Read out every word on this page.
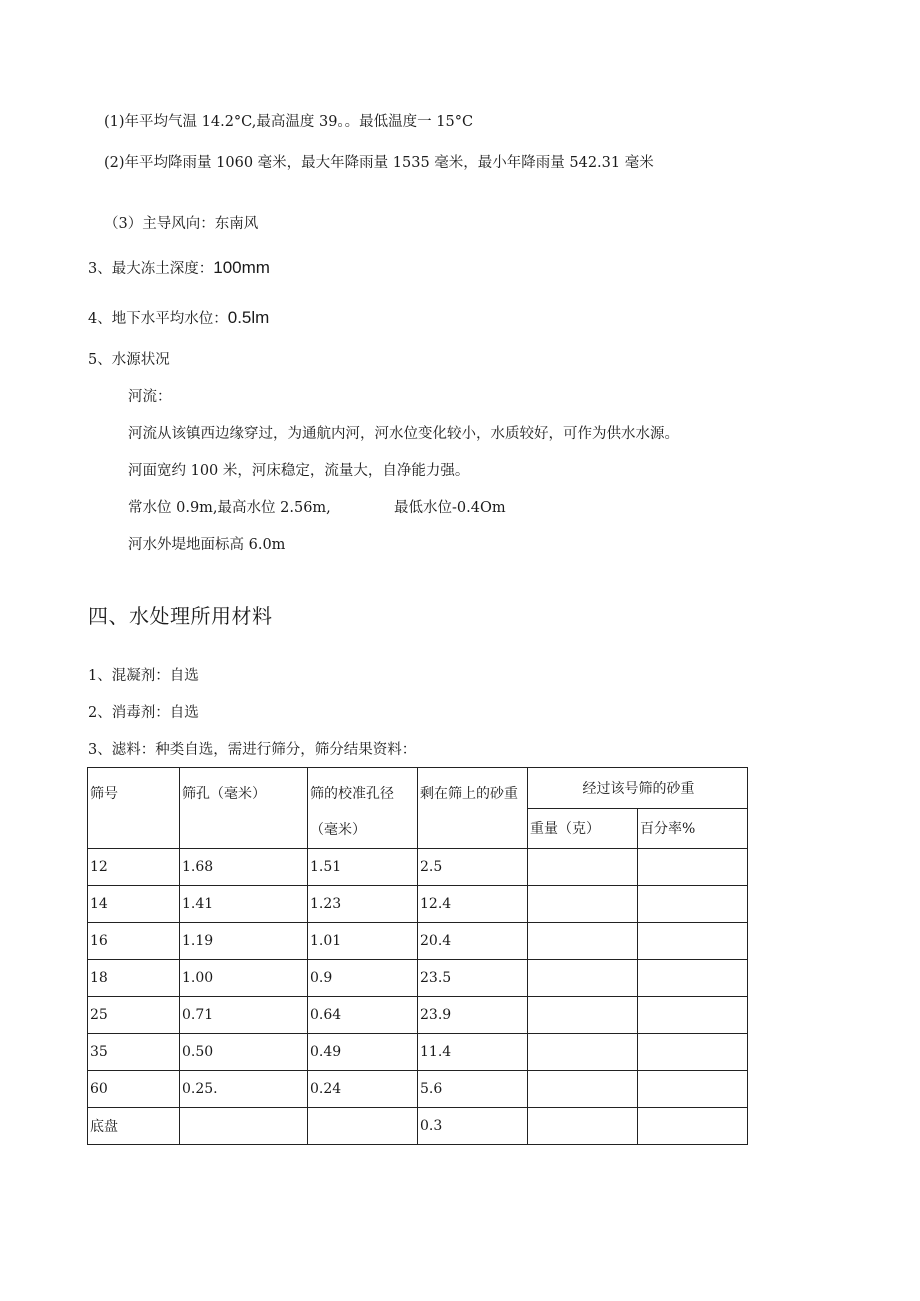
(1)年平均气温 14.2°C,最高温度 39。。最低温度一 15°C
(2)年平均降雨量 1060 毫米，最大年降雨量 1535 毫米，最小年降雨量 542.31 毫米
（3）主导风向：东南风
3、最大冻土深度：100mm
4、地下水平均水位：0.5lm
5、水源状况
河流：
河流从该镇西边缘穿过，为通航内河，河水位变化较小，水质较好，可作为供水水源。
河面宽约 100 米，河床稳定，流量大，自净能力强。
常水位 0.9m,最高水位 2.56m,	最低水位-0.4Om
河水外堤地面标高 6.0m
四、水处理所用材料
1、混凝剂：自选
2、消毒剂：自选
3、滤料：种类自选，需进行筛分，筛分结果资料：
筛号	筛孔（毫米）	筛的校准孔径（毫米）	剩在筛上的砂重	经过该号筛的砂重	
				重量（克）	百分率%
12	1.68	1.51	2.5		
14	1.41	1.23	12.4		
16	1.19	1.01	20.4		
18	1.00	0.9	23.5		
25	0.71	0.64	23.9		
35	0.50	0.49	11.4		
60	0.25.	0.24	5.6		
底盘			0.3		
